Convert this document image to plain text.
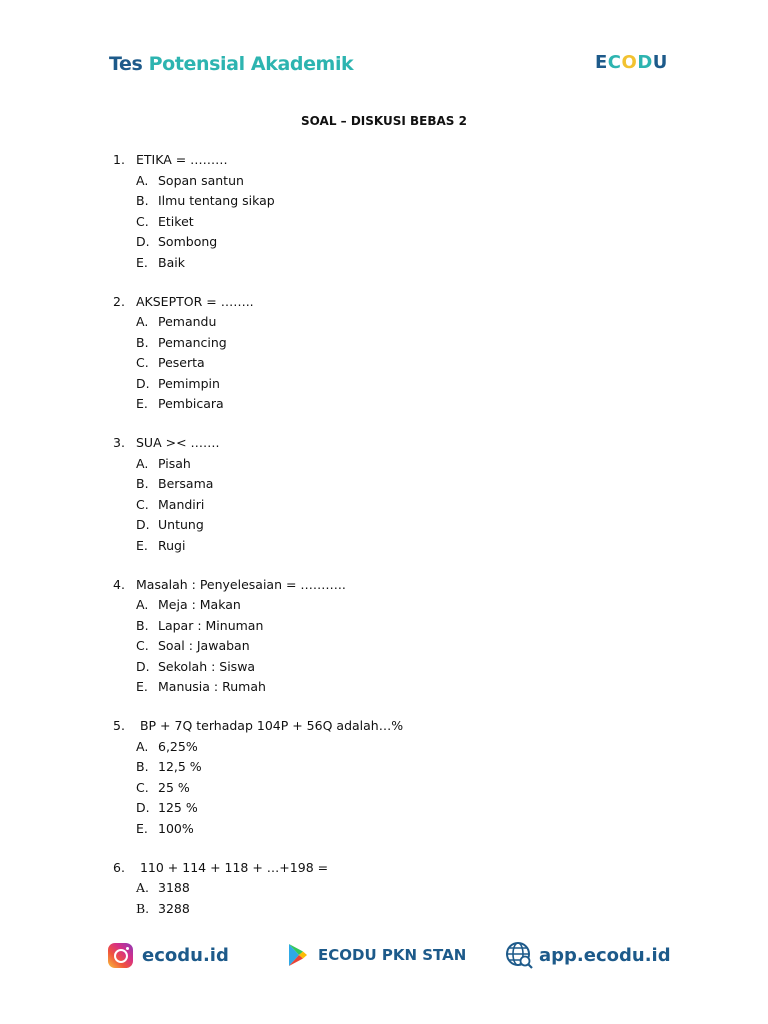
Tes Potensial Akademik	ECODU
SOAL – DISKUSI BEBAS 2
1. ETIKA = ………
A. Sopan santun
B. Ilmu tentang sikap
C. Etiket
D. Sombong
E. Baik
2. AKSEPTOR = ……..
A. Pemandu
B. Pemancing
C. Peserta
D. Pemimpin
E. Pembicara
3. SUA >< …….
A. Pisah
B. Bersama
C. Mandiri
D. Untung
E. Rugi
4. Masalah : Penyelesaian = ………..
A. Meja : Makan
B. Lapar : Minuman
C. Soal : Jawaban
D. Sekolah : Siswa
E. Manusia : Rumah
5. BP + 7Q terhadap 104P + 56Q adalah…%
A. 6,25%
B. 12,5 %
C. 25 %
D. 125 %
E. 100%
6. 110 + 114 + 118 + …+198 =
A. 3188
B. 3288
ecodu.id	ECODU PKN STAN	app.ecodu.id
